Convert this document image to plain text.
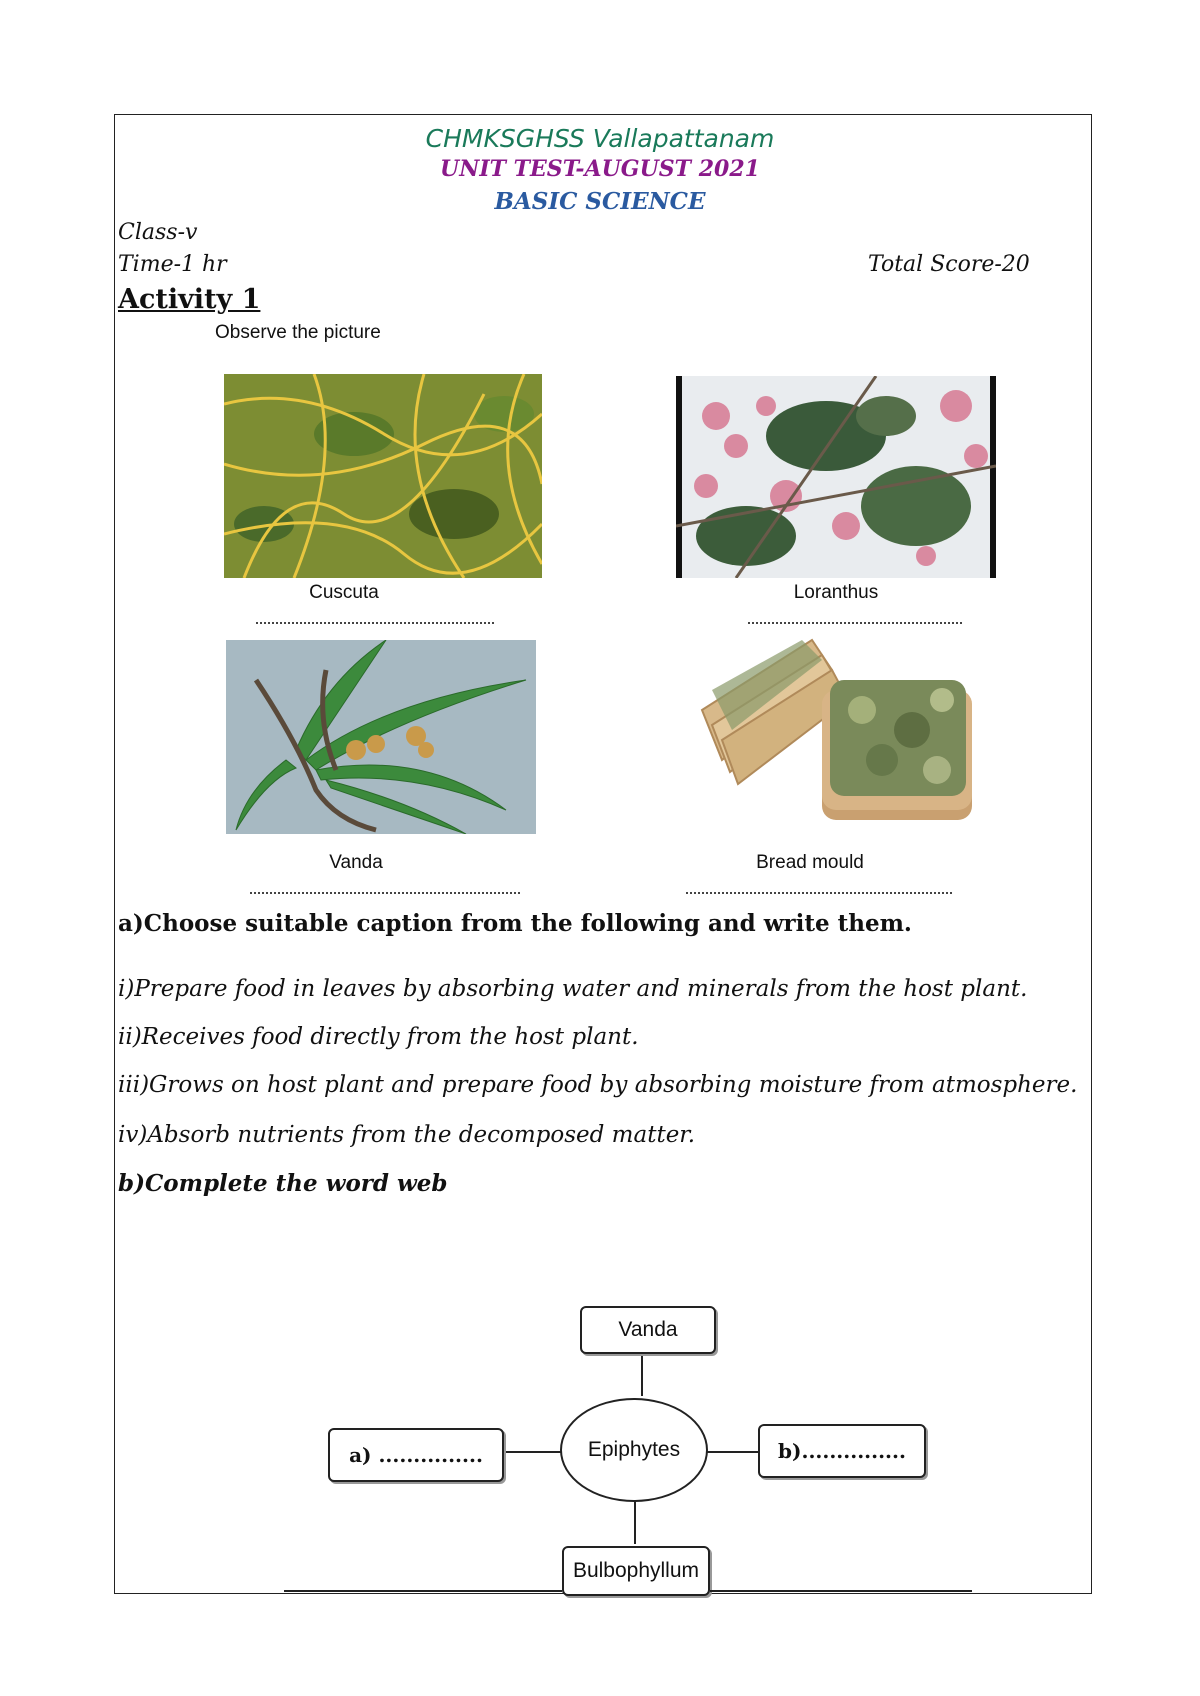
CHMKSGHSS Vallapattanam
UNIT TEST-AUGUST 2021
BASIC SCIENCE
Class-v
Time-1 hr	Total Score-20
Activity 1
Observe the picture
Cuscuta	Loranthus
Vanda	Bread mould
a)Choose suitable caption from the following and write them.
i)Prepare food in leaves by absorbing water and minerals from the host plant.
ii)Receives food directly from the host plant.
iii)Grows on host plant and prepare food by absorbing moisture from atmosphere.
iv)Absorb nutrients from the decomposed matter.
b)Complete the word web
Vanda
Epiphytes
a) ...............	b)...............
Bulbophyllum
